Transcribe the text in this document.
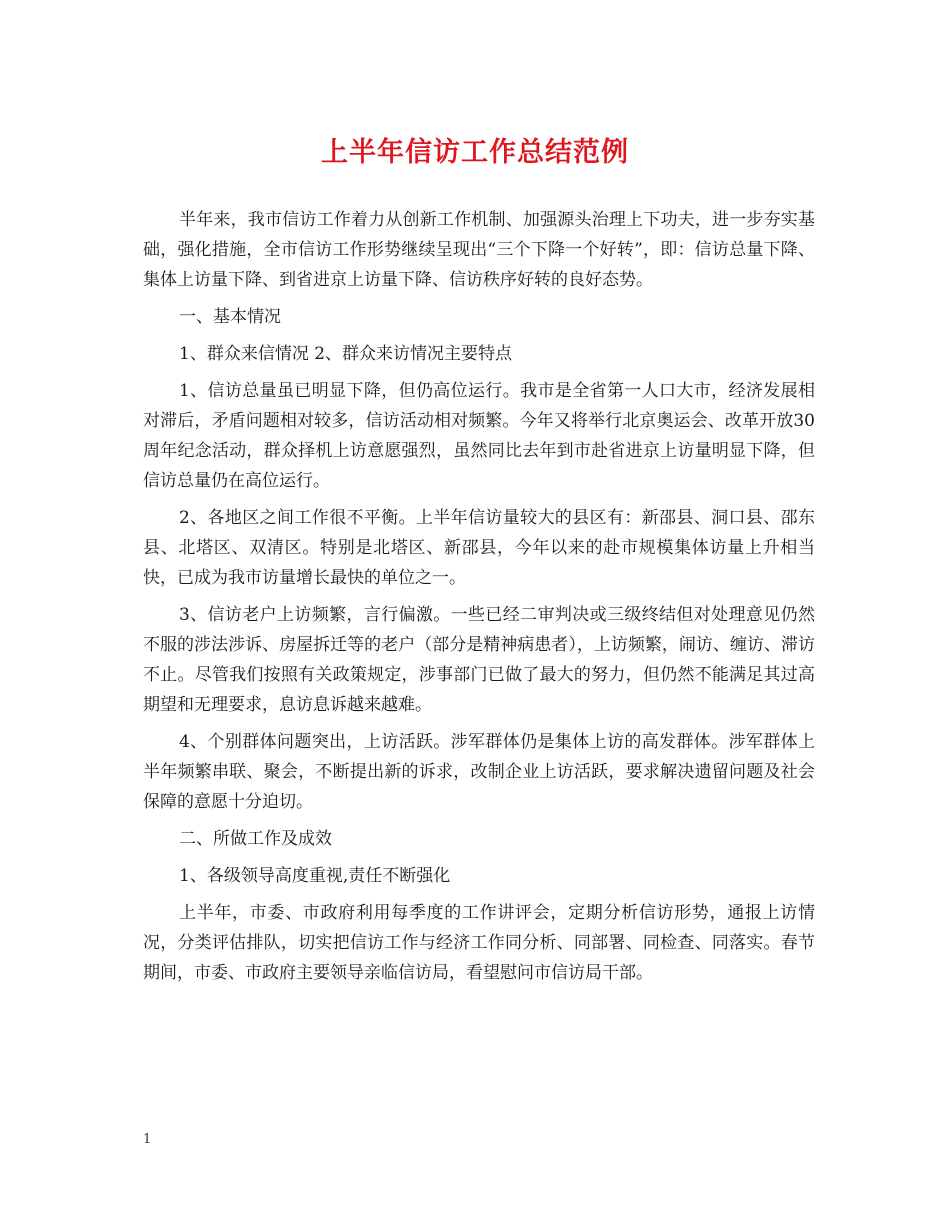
上半年信访工作总结范例

半年来，我市信访工作着力从创新工作机制、加强源头治理上下功夫，进一步夯实基础，强化措施，全市信访工作形势继续呈现出“三个下降一个好转”，即：信访总量下降、集体上访量下降、到省进京上访量下降、信访秩序好转的良好态势。

一、基本情况

1、群众来信情况 2、群众来访情况主要特点

1、信访总量虽已明显下降，但仍高位运行。我市是全省第一人口大市，经济发展相对滞后，矛盾问题相对较多，信访活动相对频繁。今年又将举行北京奥运会、改革开放30周年纪念活动，群众择机上访意愿强烈，虽然同比去年到市赴省进京上访量明显下降，但信访总量仍在高位运行。

2、各地区之间工作很不平衡。上半年信访量较大的县区有：新邵县、洞口县、邵东县、北塔区、双清区。特别是北塔区、新邵县，今年以来的赴市规模集体访量上升相当快，已成为我市访量增长最快的单位之一。

3、信访老户上访频繁，言行偏激。一些已经二审判决或三级终结但对处理意见仍然不服的涉法涉诉、房屋拆迁等的老户（部分是精神病患者），上访频繁，闹访、缠访、滞访不止。尽管我们按照有关政策规定，涉事部门已做了最大的努力，但仍然不能满足其过高期望和无理要求，息访息诉越来越难。

4、个别群体问题突出，上访活跃。涉军群体仍是集体上访的高发群体。涉军群体上半年频繁串联、聚会，不断提出新的诉求，改制企业上访活跃，要求解决遗留问题及社会保障的意愿十分迫切。

二、所做工作及成效

1、各级领导高度重视,责任不断强化

上半年，市委、市政府利用每季度的工作讲评会，定期分析信访形势，通报上访情况，分类评估排队，切实把信访工作与经济工作同分析、同部署、同检查、同落实。春节期间，市委、市政府主要领导亲临信访局，看望慰问市信访局干部。

1
